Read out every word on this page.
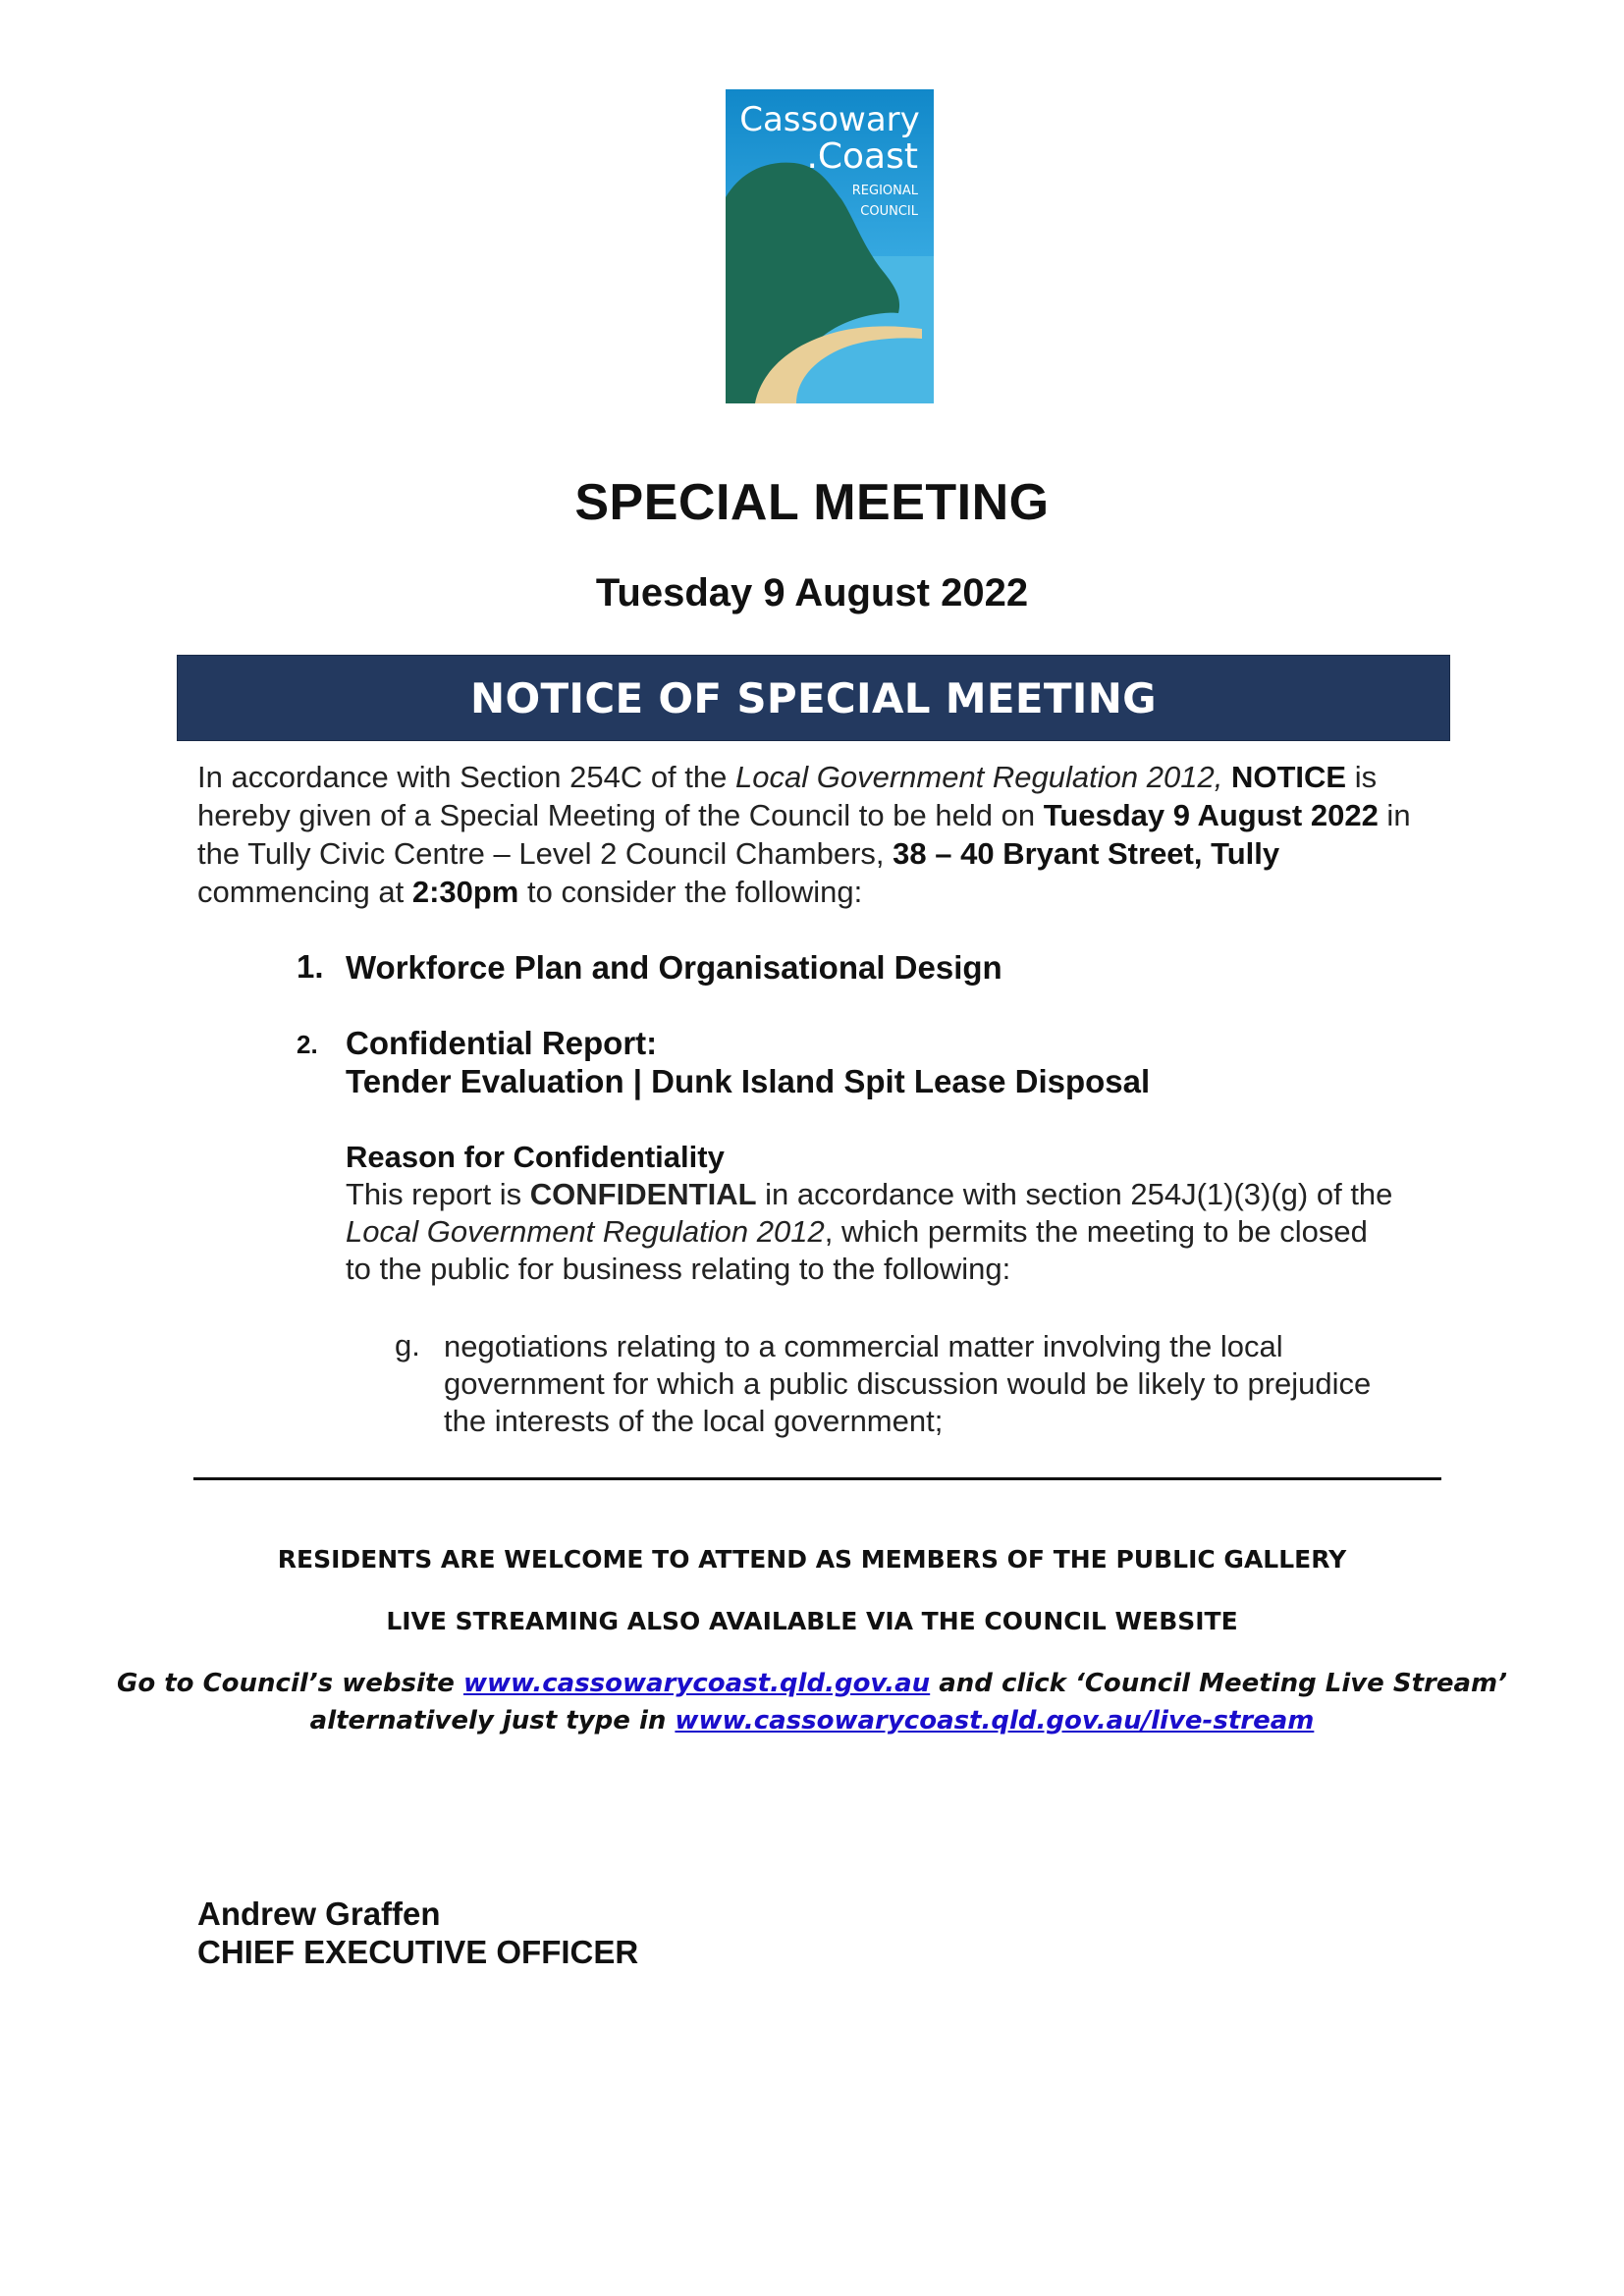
Cassowary
.Coast
REGIONAL
COUNCIL
SPECIAL MEETING
Tuesday 9 August 2022
NOTICE OF SPECIAL MEETING
In accordance with Section 254C of the Local Government Regulation 2012, NOTICE is hereby given of a Special Meeting of the Council to be held on Tuesday 9 August 2022 in the Tully Civic Centre – Level 2 Council Chambers, 38 – 40 Bryant Street, Tully commencing at 2:30pm to consider the following:
1. Workforce Plan and Organisational Design
2. Confidential Report:
Tender Evaluation | Dunk Island Spit Lease Disposal
Reason for Confidentiality
This report is CONFIDENTIAL in accordance with section 254J(1)(3)(g) of the Local Government Regulation 2012, which permits the meeting to be closed to the public for business relating to the following:
g. negotiations relating to a commercial matter involving the local government for which a public discussion would be likely to prejudice the interests of the local government;
RESIDENTS ARE WELCOME TO ATTEND AS MEMBERS OF THE PUBLIC GALLERY
LIVE STREAMING ALSO AVAILABLE VIA THE COUNCIL WEBSITE
Go to Council’s website www.cassowarycoast.qld.gov.au and click ‘Council Meeting Live Stream’
alternatively just type in www.cassowarycoast.qld.gov.au/live-stream
Andrew Graffen
CHIEF EXECUTIVE OFFICER
